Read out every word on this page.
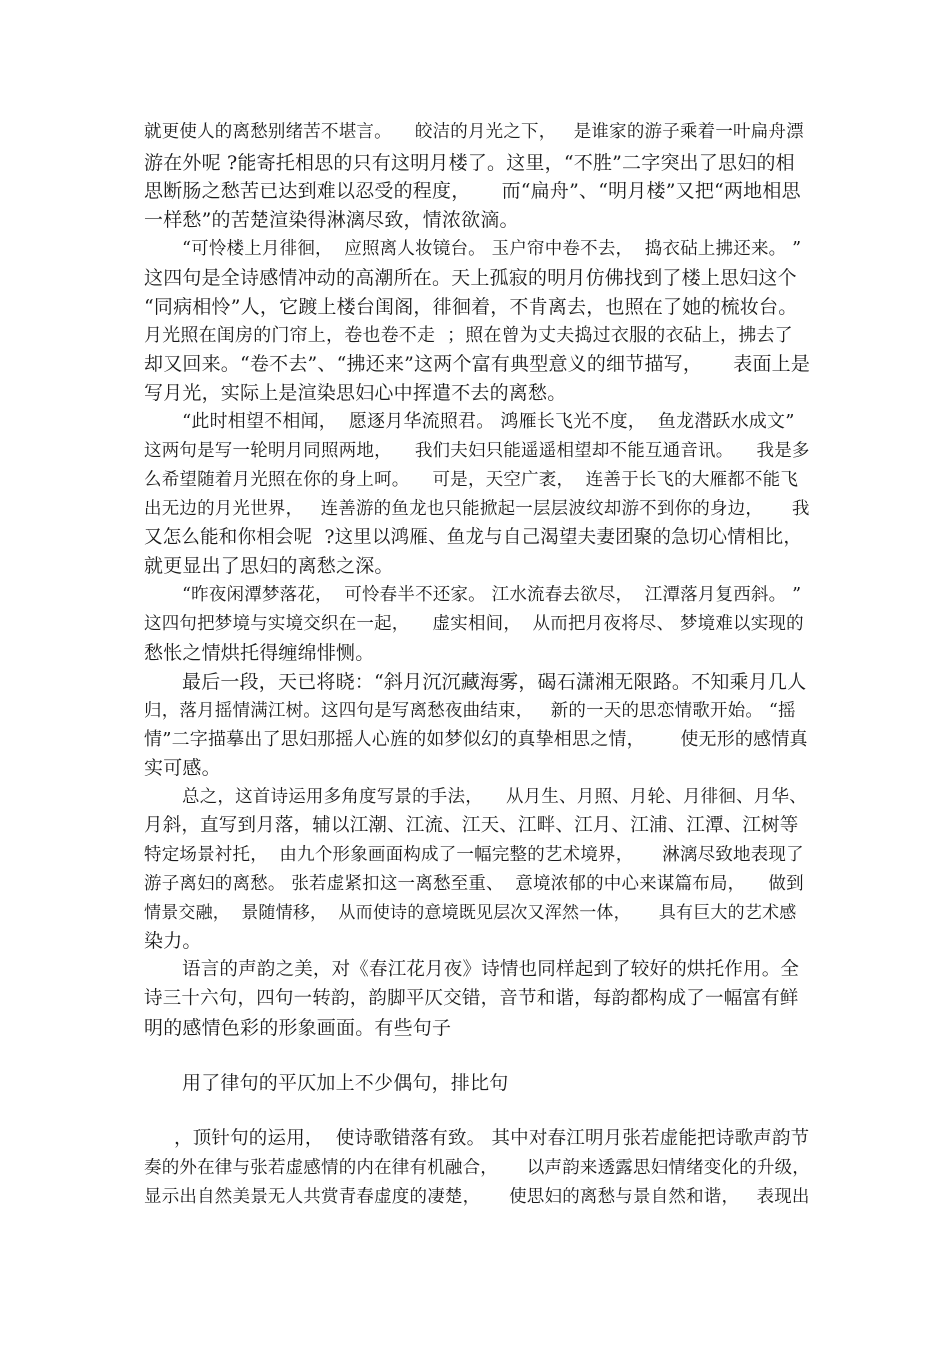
就更使人的离愁别绪苦不堪言。    皎洁的月光之下，   是谁家的游子乘着一叶扁舟漂
游在外呢 ?能寄托相思的只有这明月楼了。这里，“不胜”二字突出了思妇的相
思断肠之愁苦已达到难以忍受的程度，     而“扁舟”、“明月楼”又把“两地相思
一样愁”的苦楚渲染得淋漓尽致，情浓欲滴。
“可怜楼上月徘徊，  应照离人妆镜台。 玉户帘中卷不去，  捣衣砧上拂还来。 ”
这四句是全诗感情冲动的高潮所在。天上孤寂的明月仿佛找到了楼上思妇这个
“同病相怜”人，它踱上楼台闺阁，徘徊着，不肯离去，也照在了她的梳妆台。
月光照在闺房的门帘上，卷也卷不走  ；照在曾为丈夫捣过衣服的衣砧上，拂去了
却又回来。“卷不去”、“拂还来”这两个富有典型意义的细节描写，     表面上是
写月光，实际上是渲染思妇心中挥遣不去的离愁。
“此时相望不相闻，  愿逐月华流照君。 鸿雁长飞光不度，  鱼龙潜跃水成文”
这两句是写一轮明月同照两地，    我们夫妇只能遥遥相望却不能互通音讯。    我是多
么希望随着月光照在你的身上呵。    可是，天空广袤，  连善于长飞的大雁都不能飞
出无边的月光世界，   连善游的鱼龙也只能掀起一层层波纹却游不到你的身边，     我
又怎么能和你相会呢  ?这里以鸿雁、鱼龙与自己渴望夫妻团聚的急切心情相比，
就更显出了思妇的离愁之深。
“昨夜闲潭梦落花，  可怜春半不还家。 江水流春去欲尽，  江潭落月复西斜。 ”
这四句把梦境与实境交织在一起，    虚实相间，  从而把月夜将尽、 梦境难以实现的
愁怅之情烘托得缠绵悱恻。
最后一段，天已将晓：“斜月沉沉藏海雾，碣石潇湘无限路。不知乘月几人
归，落月摇情满江树。这四句是写离愁夜曲结束，   新的一天的思恋情歌开始。 “摇
情”二字描摹出了思妇那摇人心旌的如梦似幻的真挚相思之情，      使无形的感情真
实可感。
总之，这首诗运用多角度写景的手法，    从月生、月照、月轮、月徘徊、月华、
月斜，直写到月落，辅以江潮、江流、江天、江畔、江月、江浦、江潭、江树等
特定场景衬托，  由九个形象画面构成了一幅完整的艺术境界，     淋漓尽致地表现了
游子离妇的离愁。 张若虚紧扣这一离愁至重、  意境浓郁的中心来谋篇布局，    做到
情景交融，  景随情移，  从而使诗的意境既见层次又浑然一体，     具有巨大的艺术感
染力。
语言的声韵之美，对《春江花月夜》诗情也同样起到了较好的烘托作用。全
诗三十六句，四句一转韵，韵脚平仄交错，音节和谐，每韵都构成了一幅富有鲜
明的感情色彩的形象画面。有些句子
用了律句的平仄加上不少偶句，排比句
，顶针句的运用，  使诗歌错落有致。 其中对春江明月张若虚能把诗歌声韵节
奏的外在律与张若虚感情的内在律有机融合，     以声韵来透露思妇情绪变化的升级，
显示出自然美景无人共赏青春虚度的凄楚，     使思妇的离愁与景自然和谐，   表现出
